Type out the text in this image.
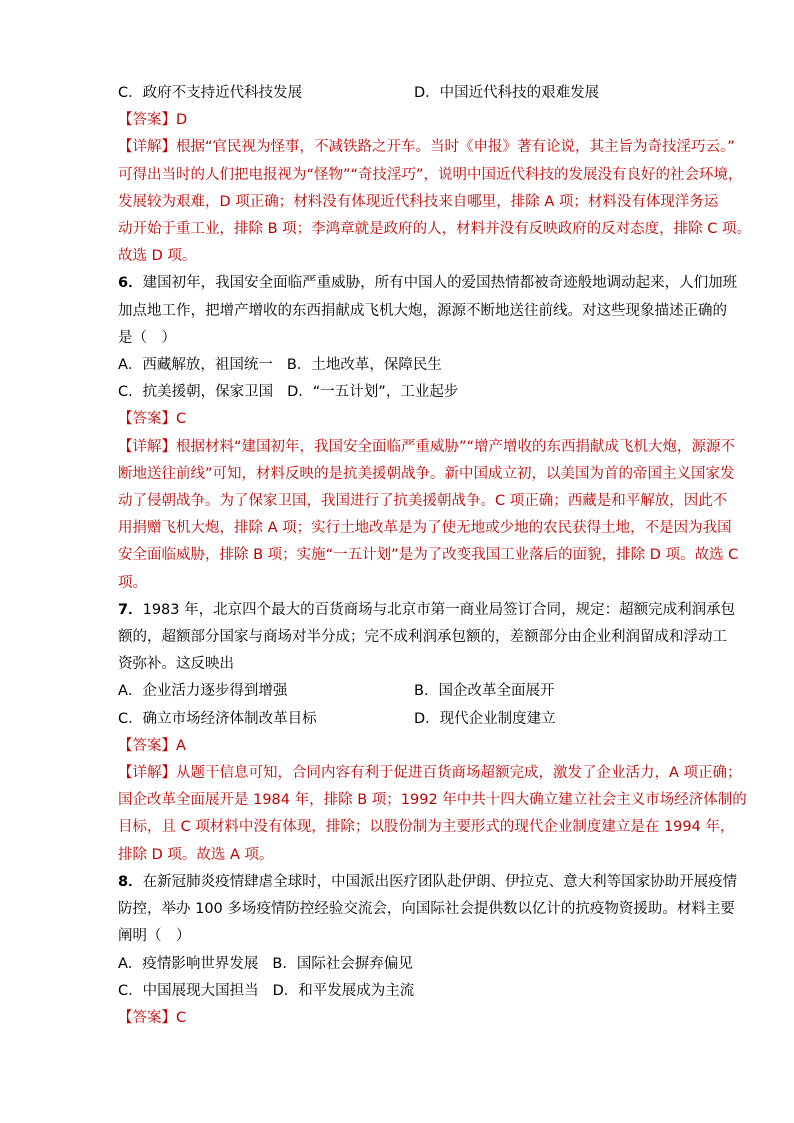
C．政府不支持近代科技发展	D．中国近代科技的艰难发展
【答案】D
【详解】根据“官民视为怪事，不减铁路之开车。当时《申报》著有论说，其主旨为奇技淫巧云。”
可得出当时的人们把电报视为“怪物”“奇技淫巧”，说明中国近代科技的发展没有良好的社会环境，
发展较为艰难，D 项正确；材料没有体现近代科技来自哪里，排除 A 项；材料没有体现洋务运
动开始于重工业，排除 B 项；李鸿章就是政府的人，材料并没有反映政府的反对态度，排除 C 项。
故选 D 项。
6．建国初年，我国安全面临严重威胁，所有中国人的爱国热情都被奇迹般地调动起来，人们加班
加点地工作，把增产增收的东西捐献成飞机大炮，源源不断地送往前线。对这些现象描述正确的
是（　）
A．西藏解放，祖国统一 B．土地改革，保障民生
C．抗美援朝，保家卫国 D．“一五计划”，工业起步
【答案】C
【详解】根据材料“建国初年，我国安全面临严重威胁”“增产增收的东西捐献成飞机大炮，源源不
断地送往前线”可知，材料反映的是抗美援朝战争。新中国成立初，以美国为首的帝国主义国家发
动了侵朝战争。为了保家卫国，我国进行了抗美援朝战争。C 项正确；西藏是和平解放，因此不
用捐赠飞机大炮，排除 A 项；实行土地改革是为了使无地或少地的农民获得土地，不是因为我国
安全面临威胁，排除 B 项；实施“一五计划”是为了改变我国工业落后的面貌，排除 D 项。故选 C
项。
7．1983 年，北京四个最大的百货商场与北京市第一商业局签订合同，规定：超额完成利润承包
额的，超额部分国家与商场对半分成；完不成利润承包额的，差额部分由企业利润留成和浮动工
资弥补。这反映出
A．企业活力逐步得到增强	B．国企改革全面展开
C．确立市场经济体制改革目标	D．现代企业制度建立
【答案】A
【详解】从题干信息可知，合同内容有利于促进百货商场超额完成，激发了企业活力，A 项正确；
国企改革全面展开是 1984 年，排除 B 项；1992 年中共十四大确立建立社会主义市场经济体制的
目标，且 C 项材料中没有体现，排除；以股份制为主要形式的现代企业制度建立是在 1994 年，
排除 D 项。故选 A 项。
8．在新冠肺炎疫情肆虐全球时，中国派出医疗团队赴伊朗、伊拉克、意大利等国家协助开展疫情
防控，举办 100 多场疫情防控经验交流会，向国际社会提供数以亿计的抗疫物资援助。材料主要
阐明（　）
A．疫情影响世界发展 B．国际社会摒弃偏见
C．中国展现大国担当 D．和平发展成为主流
【答案】C
